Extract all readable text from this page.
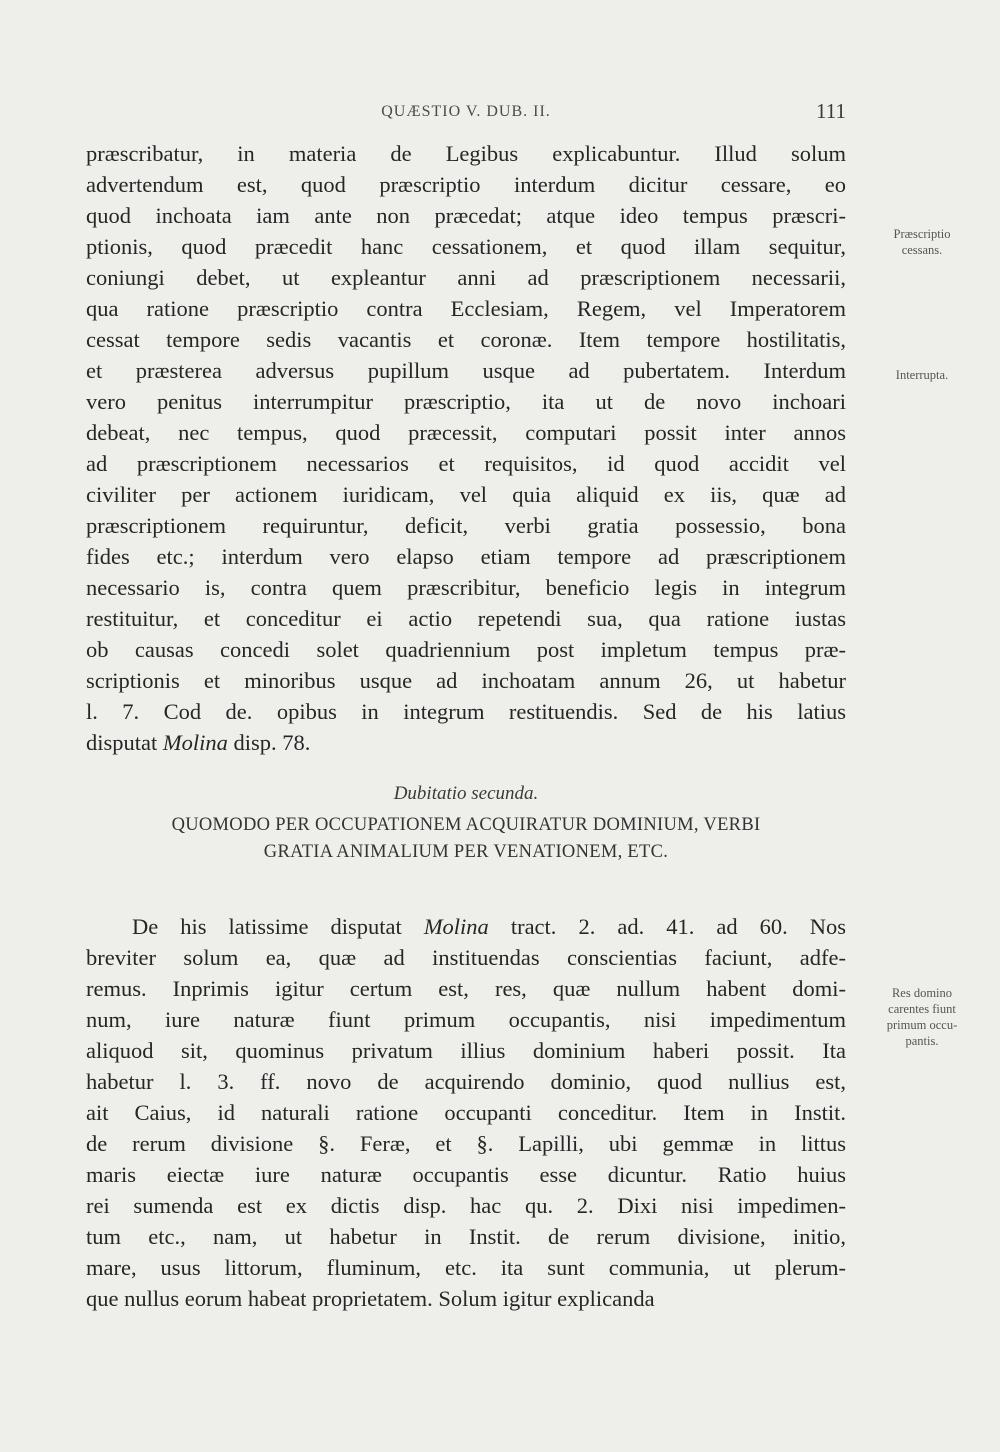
QUÆSTIO V. DUB. II.	111
præscribatur, in materia de Legibus explicabuntur. Illud solum
advertendum est, quod præscriptio interdum dicitur cessare, eo
quod inchoata iam ante non præcedat; atque ideo tempus præscri-
ptionis, quod præcedit hanc cessationem, et quod illam sequitur,
coniungi debet, ut expleantur anni ad præscriptionem necessarii,
qua ratione præscriptio contra Ecclesiam, Regem, vel Imperatorem
cessat tempore sedis vacantis et coronæ. Item tempore hostilitatis,
et præsterea adversus pupillum usque ad pubertatem. Interdum
vero penitus interrumpitur præscriptio, ita ut de novo inchoari
debeat, nec tempus, quod præcessit, computari possit inter annos
ad præscriptionem necessarios et requisitos, id quod accidit vel
civiliter per actionem iuridicam, vel quia aliquid ex iis, quæ ad
præscriptionem requiruntur, deficit, verbi gratia possessio, bona
fides etc.; interdum vero elapso etiam tempore ad præscriptionem
necessario is, contra quem præscribitur, beneficio legis in integrum
restituitur, et conceditur ei actio repetendi sua, qua ratione iustas
ob causas concedi solet quadriennium post impletum tempus præ-
scriptionis et minoribus usque ad inchoatam annum 26, ut habetur
l. 7. Cod de. opibus in integrum restituendis. Sed de his latius
disputat Molina disp. 78.
Dubitatio secunda.
QUOMODO PER OCCUPATIONEM ACQUIRATUR DOMINIUM, VERBI
GRATIA ANIMALIUM PER VENATIONEM, ETC.
De his latissime disputat Molina tract. 2. ad. 41. ad 60. Nos
breviter solum ea, quæ ad instituendas conscientias faciunt, adfe-
remus. Inprimis igitur certum est, res, quæ nullum habent domi-
num, iure naturæ fiunt primum occupantis, nisi impedimentum
aliquod sit, quominus privatum illius dominium haberi possit. Ita
habetur l. 3. ff. novo de acquirendo dominio, quod nullius est,
ait Caius, id naturali ratione occupanti conceditur. Item in Instit.
de rerum divisione §. Feræ, et §. Lapilli, ubi gemmæ in littus
maris eiectæ iure naturæ occupantis esse dicuntur. Ratio huius
rei sumenda est ex dictis disp. hac qu. 2. Dixi nisi impedimen-
tum etc., nam, ut habetur in Instit. de rerum divisione, initio,
mare, usus littorum, fluminum, etc. ita sunt communia, ut plerum-
que nullus eorum habeat proprietatem. Solum igitur explicanda
Præscriptio
cessans.
Interrupta.
Res domino
carentes fiunt
primum occu-
pantis.
